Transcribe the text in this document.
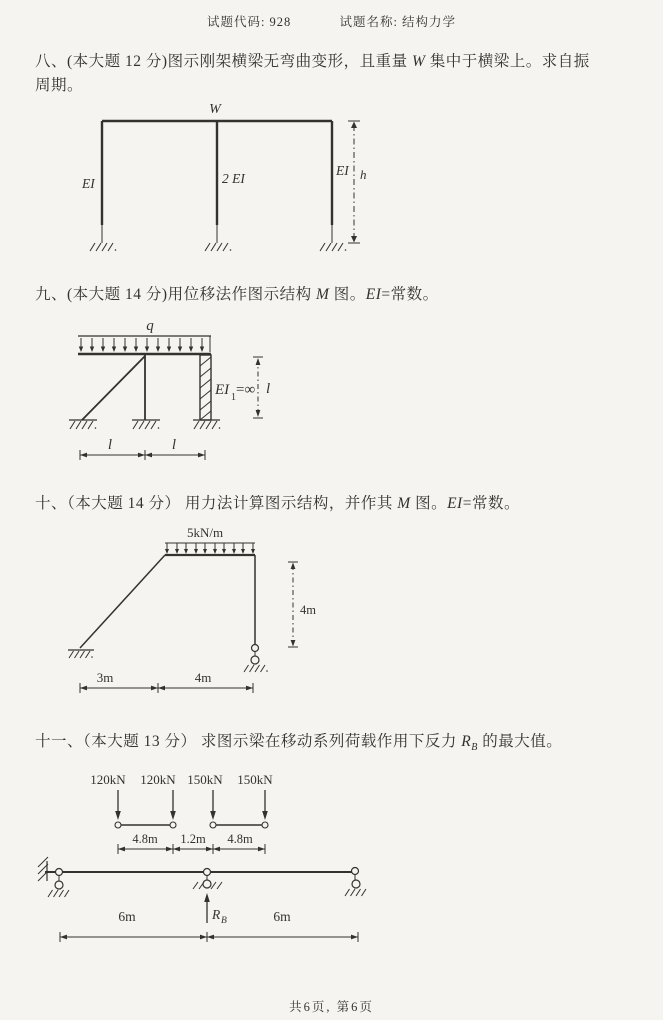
试题代码: 928	试题名称: 结构力学
八、(本大题 12 分)图示刚架横梁无弯曲变形，且重量 W 集中于横梁上。求自振
周期。
W
EI	2 EI
EI h
九、(本大题 14 分)用位移法作图示结构 M 图。EI=常数。
q
EI 1 =∞ l
l	l
十、（本大题 14 分） 用力法计算图示结构，并作其 M 图。EI=常数。
5kN/m
4m
3m	4m
十一、（本大题 13 分） 求图示梁在移动系列荷载作用下反力 $R_B$ 的最大值。
120kN 120kN 150kN 150kN
4.8m 1.2m 4.8m
R B
6m	6m
共6页, 第6页
